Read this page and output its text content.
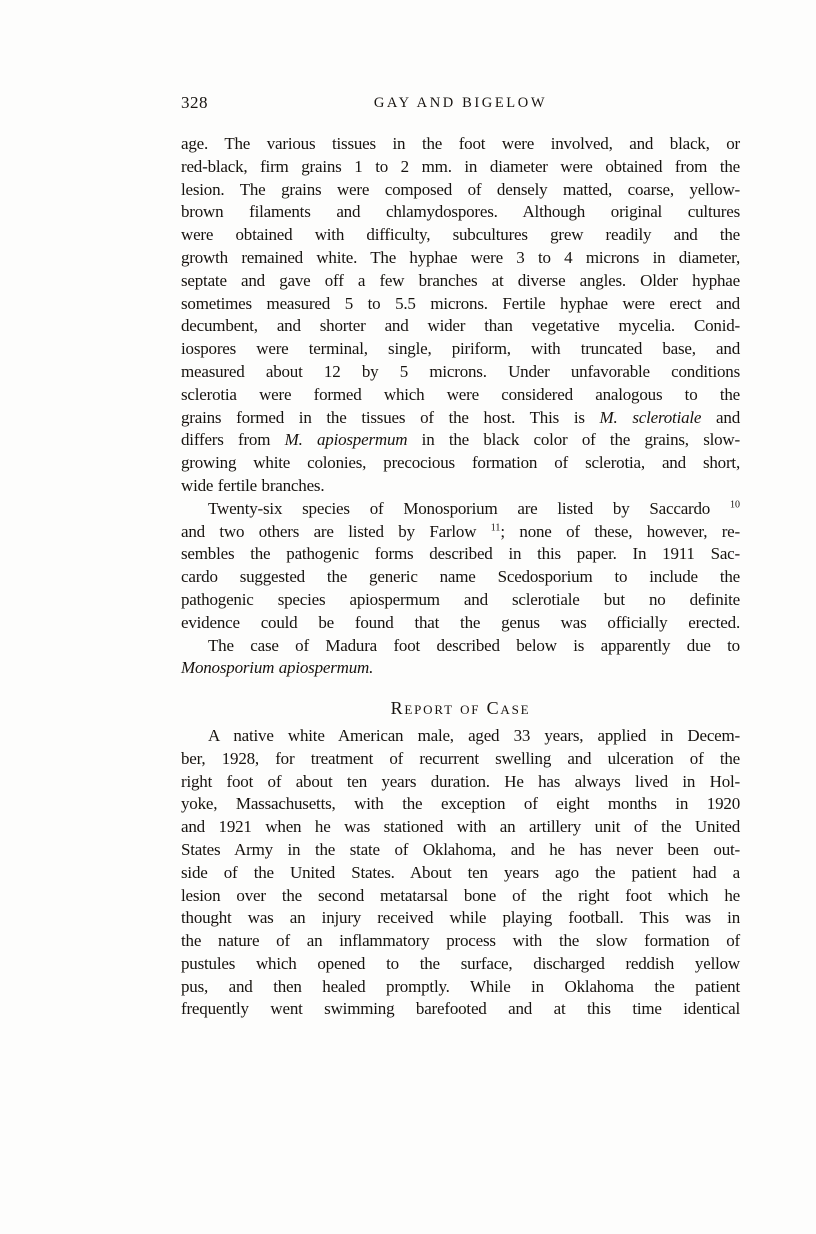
328	GAY AND BIGELOW
age. The various tissues in the foot were involved, and black, or
red-black, firm grains 1 to 2 mm. in diameter were obtained from the
lesion. The grains were composed of densely matted, coarse, yellow-
brown filaments and chlamydospores. Although original cultures
were obtained with difficulty, subcultures grew readily and the
growth remained white. The hyphae were 3 to 4 microns in diameter,
septate and gave off a few branches at diverse angles. Older hyphae
sometimes measured 5 to 5.5 microns. Fertile hyphae were erect and
decumbent, and shorter and wider than vegetative mycelia. Conid-
iospores were terminal, single, piriform, with truncated base, and
measured about 12 by 5 microns. Under unfavorable conditions
sclerotia were formed which were considered analogous to the
grains formed in the tissues of the host. This is M. sclerotiale and
differs from M. apiospermum in the black color of the grains, slow-
growing white colonies, precocious formation of sclerotia, and short,
wide fertile branches.
Twenty-six species of Monosporium are listed by Saccardo $^{10}$
and two others are listed by Farlow $^{11}$; none of these, however, re-
sembles the pathogenic forms described in this paper. In 1911 Sac-
cardo suggested the generic name Scedosporium to include the
pathogenic species apiospermum and sclerotiale but no definite
evidence could be found that the genus was officially erected.
The case of Madura foot described below is apparently due to
Monosporium apiospermum.
Report of Case
A native white American male, aged 33 years, applied in Decem-
ber, 1928, for treatment of recurrent swelling and ulceration of the
right foot of about ten years duration. He has always lived in Hol-
yoke, Massachusetts, with the exception of eight months in 1920
and 1921 when he was stationed with an artillery unit of the United
States Army in the state of Oklahoma, and he has never been out-
side of the United States. About ten years ago the patient had a
lesion over the second metatarsal bone of the right foot which he
thought was an injury received while playing football. This was in
the nature of an inflammatory process with the slow formation of
pustules which opened to the surface, discharged reddish yellow
pus, and then healed promptly. While in Oklahoma the patient
frequently went swimming barefooted and at this time identical
